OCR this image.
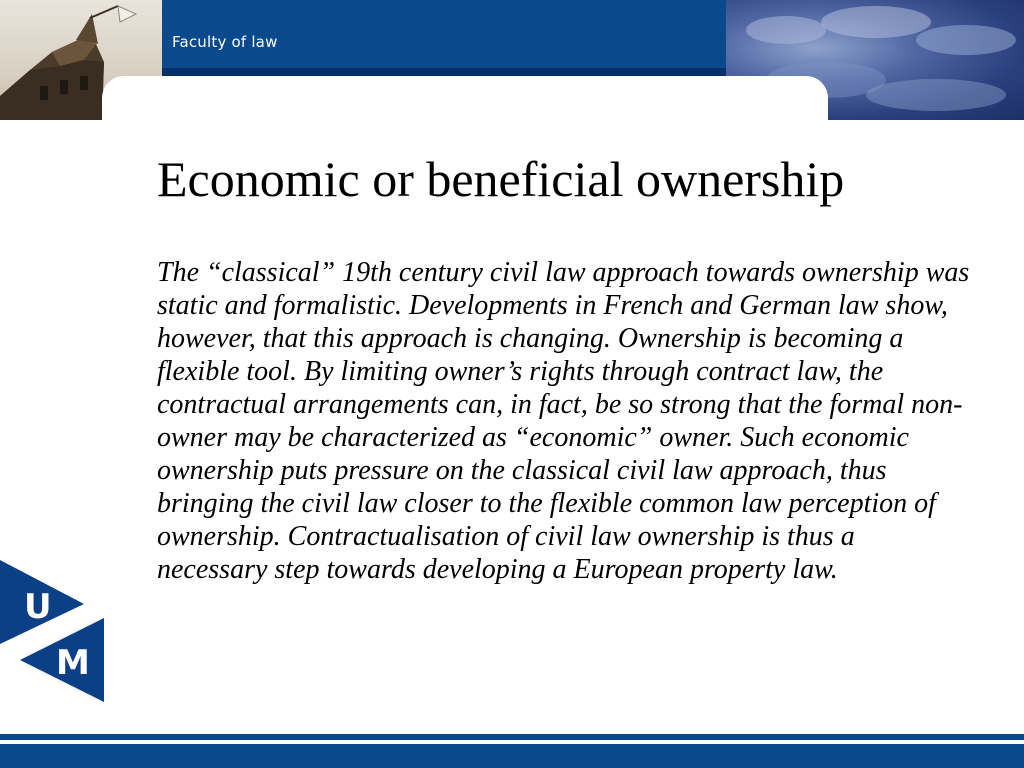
Faculty of law
Economic or beneficial ownership

The “classical” 19th century civil law approach towards ownership was static and formalistic. Developments in French and German law show, however, that this approach is changing. Ownership is becoming a flexible tool. By limiting owner’s rights through contract law, the contractual arrangements can, in fact, be so strong that the formal non-owner may be characterized as “economic” owner. Such economic ownership puts pressure on the classical civil law approach, thus bringing the civil law closer to the flexible common law perception of ownership. Contractualisation of civil law ownership is thus a necessary step towards developing a European property law.

U
M
